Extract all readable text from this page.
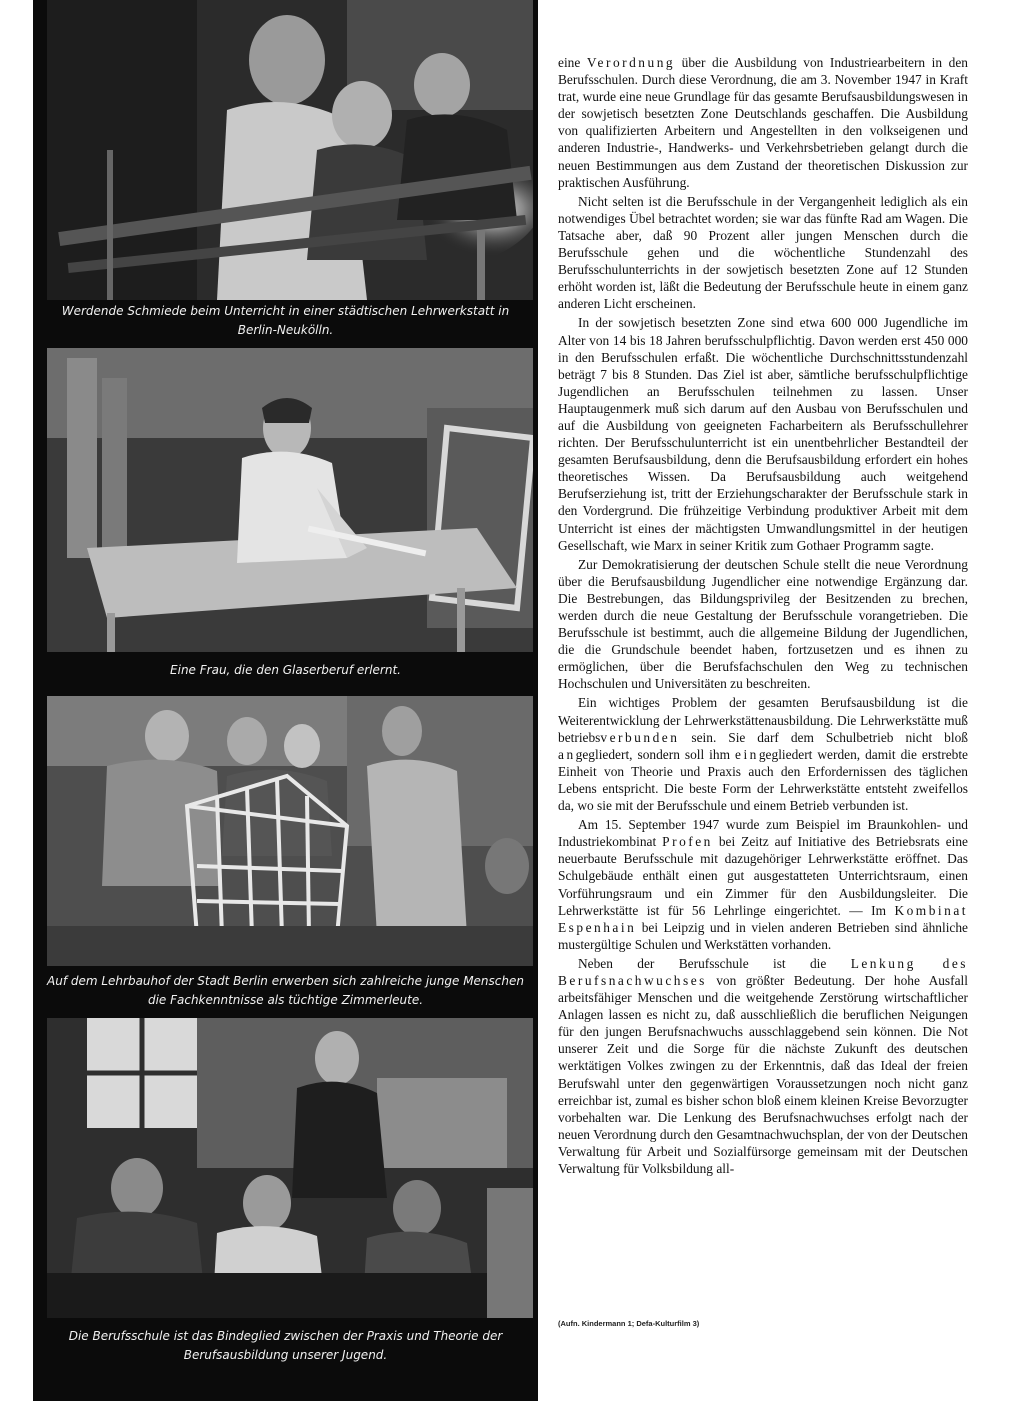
Werdende Schmiede beim Unterricht in einer städtischen Lehrwerkstatt in
Berlin-Neukölln.
Eine Frau, die den Glaserberuf erlernt.
Auf dem Lehrbauhof der Stadt Berlin erwerben sich zahlreiche junge Menschen
die Fachkenntnisse als tüchtige Zimmerleute.
Die Berufsschule ist das Bindeglied zwischen der Praxis und Theorie der
Berufsausbildung unserer Jugend.

eine Verordnung über die Ausbildung von Industriearbeitern in den Berufsschulen. Durch diese Verordnung, die am 3. November 1947 in Kraft trat, wurde eine neue Grundlage für das gesamte Berufsausbildungswesen in der sowjetisch besetzten Zone Deutschlands geschaffen. Die Ausbildung von qualifizierten Arbeitern und Angestellten in den volkseigenen und anderen Industrie-, Handwerks- und Verkehrsbetrieben gelangt durch die neuen Bestimmungen aus dem Zustand der theoretischen Diskussion zur praktischen Ausführung.

Nicht selten ist die Berufsschule in der Vergangenheit lediglich als ein notwendiges Übel betrachtet worden; sie war das fünfte Rad am Wagen. Die Tatsache aber, daß 90 Prozent aller jungen Menschen durch die Berufsschule gehen und die wöchentliche Stundenzahl des Berufsschulunterrichts in der sowjetisch besetzten Zone auf 12 Stunden erhöht worden ist, läßt die Bedeutung der Berufsschule heute in einem ganz anderen Licht erscheinen.

In der sowjetisch besetzten Zone sind etwa 600 000 Jugendliche im Alter von 14 bis 18 Jahren berufsschulpflichtig. Davon werden erst 450 000 in den Berufsschulen erfaßt. Die wöchentliche Durchschnittsstundenzahl beträgt 7 bis 8 Stunden. Das Ziel ist aber, sämtliche berufsschulpflichtige Jugendlichen an Berufsschulen teilnehmen zu lassen. Unser Hauptaugenmerk muß sich darum auf den Ausbau von Berufsschulen und auf die Ausbildung von geeigneten Facharbeitern als Berufsschullehrer richten. Der Berufsschulunterricht ist ein unentbehrlicher Bestandteil der gesamten Berufsausbildung, denn die Berufsausbildung erfordert ein hohes theoretisches Wissen. Da Berufsausbildung auch weitgehend Berufserziehung ist, tritt der Erziehungscharakter der Berufsschule stark in den Vordergrund. Die frühzeitige Verbindung produktiver Arbeit mit dem Unterricht ist eines der mächtigsten Umwandlungsmittel in der heutigen Gesellschaft, wie Marx in seiner Kritik zum Gothaer Programm sagte.

Zur Demokratisierung der deutschen Schule stellt die neue Verordnung über die Berufsausbildung Jugendlicher eine notwendige Ergänzung dar. Die Bestrebungen, das Bildungsprivileg der Besitzenden zu brechen, werden durch die neue Gestaltung der Berufsschule vorangetrieben. Die Berufsschule ist bestimmt, auch die allgemeine Bildung der Jugendlichen, die die Grundschule beendet haben, fortzusetzen und es ihnen zu ermöglichen, über die Berufsfachschulen den Weg zu technischen Hochschulen und Universitäten zu beschreiten.

Ein wichtiges Problem der gesamten Berufsausbildung ist die Weiterentwicklung der Lehrwerkstättenausbildung. Die Lehrwerkstätte muß betriebsverbunden sein. Sie darf dem Schulbetrieb nicht bloß angegliedert, sondern soll ihm eingegliedert werden, damit die erstrebte Einheit von Theorie und Praxis auch den Erfordernissen des täglichen Lebens entspricht. Die beste Form der Lehrwerkstätte entsteht zweifellos da, wo sie mit der Berufsschule und einem Betrieb verbunden ist.

Am 15. September 1947 wurde zum Beispiel im Braunkohlen- und Industriekombinat Profen bei Zeitz auf Initiative des Betriebsrats eine neuerbaute Berufsschule mit dazugehöriger Lehrwerkstätte eröffnet. Das Schulgebäude enthält einen gut ausgestatteten Unterrichtsraum, einen Vorführungsraum und ein Zimmer für den Ausbildungsleiter. Die Lehrwerkstätte ist für 56 Lehrlinge eingerichtet. — Im Kombinat Espenhain bei Leipzig und in vielen anderen Betrieben sind ähnliche mustergültige Schulen und Werkstätten vorhanden.

Neben der Berufsschule ist die Lenkung des Berufsnachwuchses von größter Bedeutung. Der hohe Ausfall arbeitsfähiger Menschen und die weitgehende Zerstörung wirtschaftlicher Anlagen lassen es nicht zu, daß ausschließlich die beruflichen Neigungen für den jungen Berufsnachwuchs ausschlaggebend sein können. Die Not unserer Zeit und die Sorge für die nächste Zukunft des deutschen werktätigen Volkes zwingen zu der Erkenntnis, daß das Ideal der freien Berufswahl unter den gegenwärtigen Voraussetzungen noch nicht ganz erreichbar ist, zumal es bisher schon bloß einem kleinen Kreise Bevorzugter vorbehalten war. Die Lenkung des Berufsnachwuchses erfolgt nach der neuen Verordnung durch den Gesamtnachwuchsplan, der von der Deutschen Verwaltung für Arbeit und Sozialfürsorge gemeinsam mit der Deutschen Verwaltung für Volksbildung all-

(Aufn. Kindermann 1; Defa-Kulturfilm 3)
